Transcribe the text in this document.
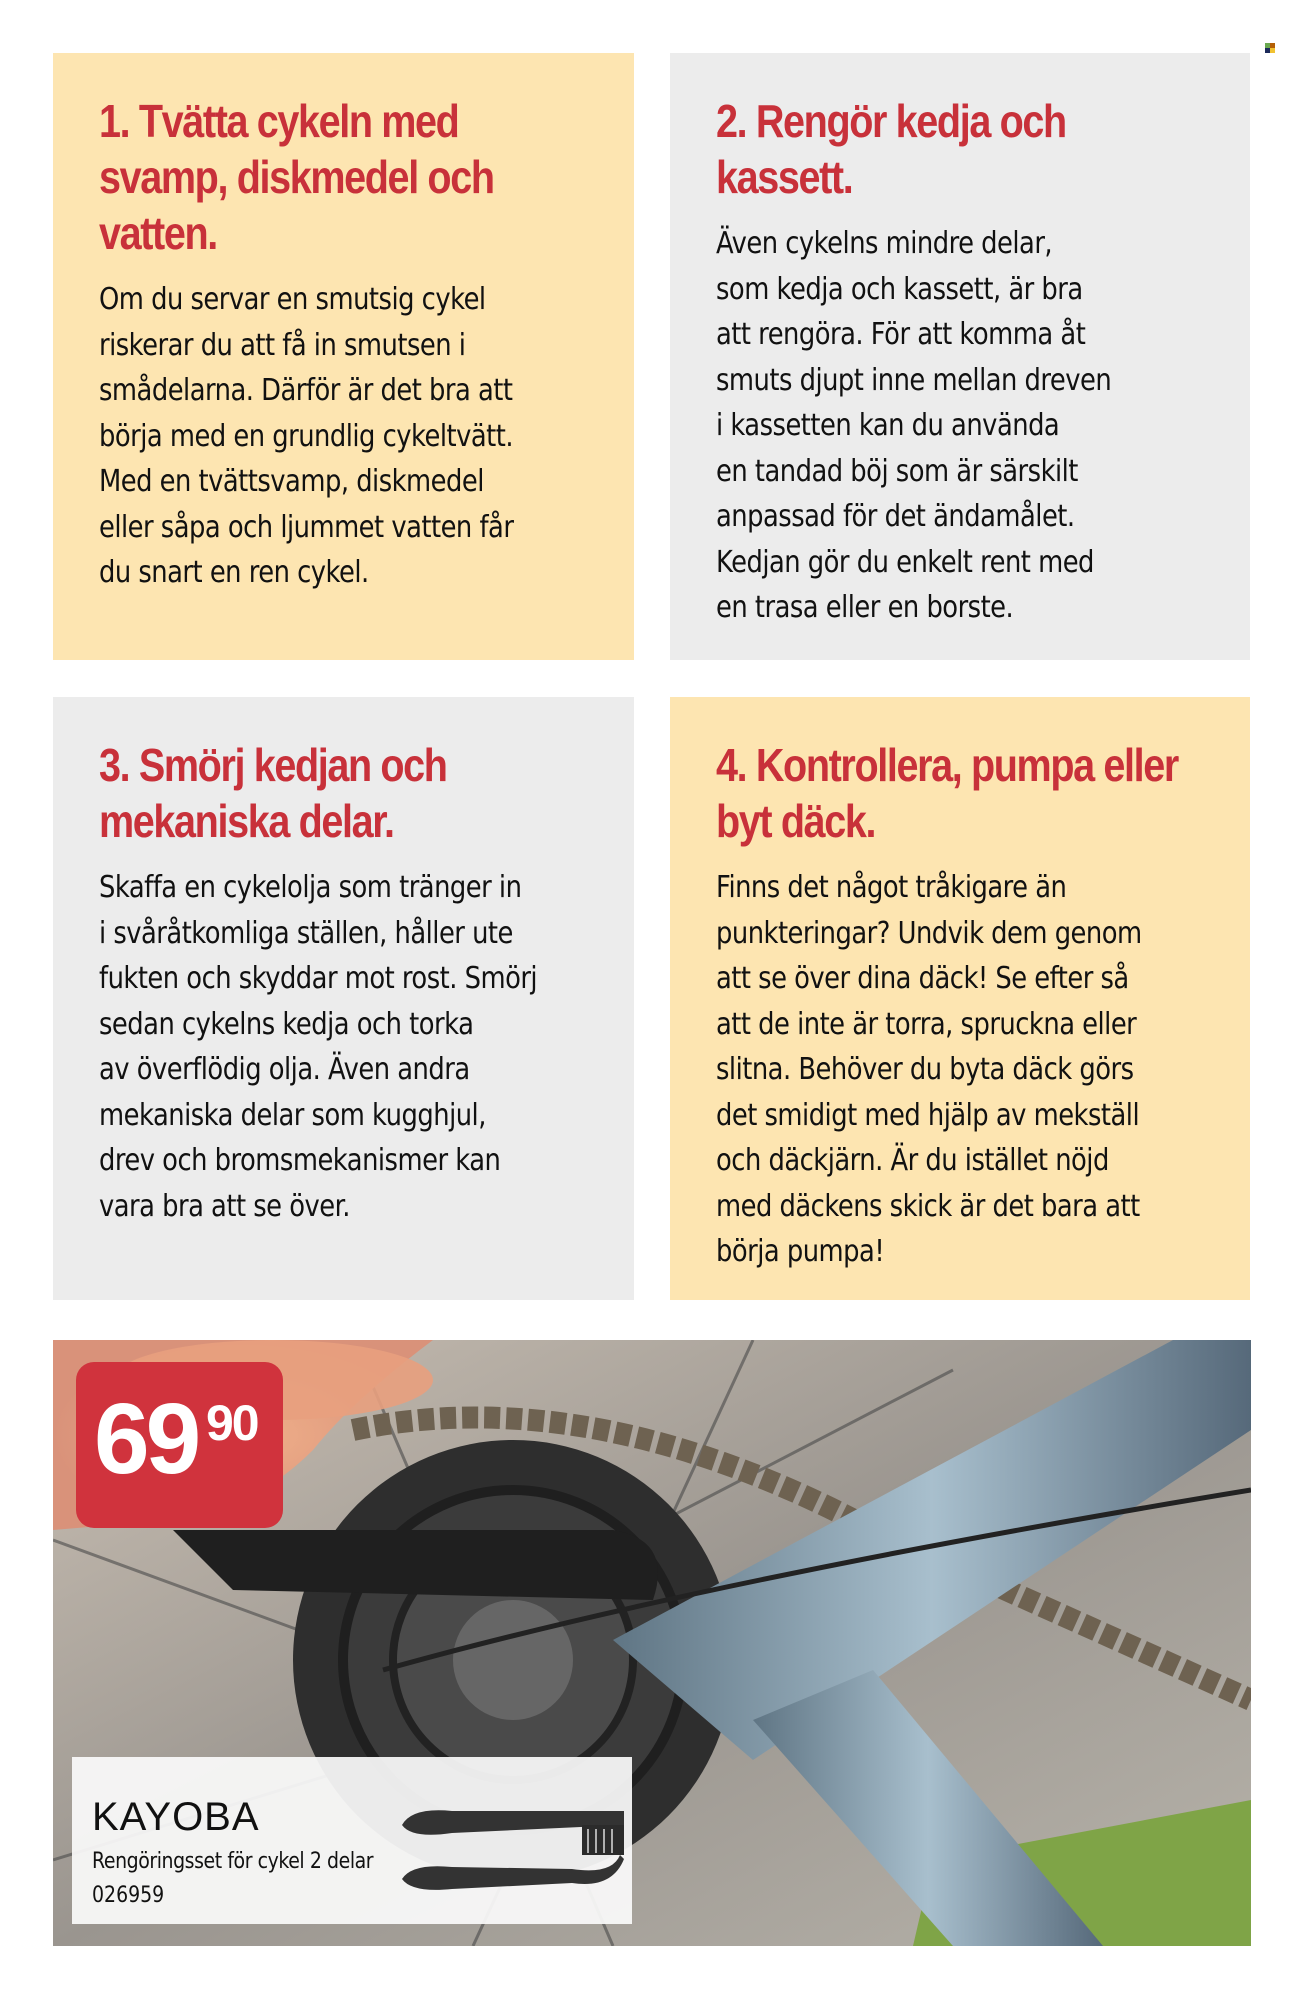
1. Tvätta cykeln med
svamp, diskmedel och
vatten.
Om du servar en smutsig cykel
riskerar du att få in smutsen i
smådelarna. Därför är det bra att
börja med en grundlig cykeltvätt.
Med en tvättsvamp, diskmedel
eller såpa och ljummet vatten får
du snart en ren cykel.
2. Rengör kedja och
kassett.
Även cykelns mindre delar,
som kedja och kassett, är bra
att rengöra. För att komma åt
smuts djupt inne mellan dreven
i kassetten kan du använda
en tandad böj som är särskilt
anpassad för det ändamålet.
Kedjan gör du enkelt rent med
en trasa eller en borste.
3. Smörj kedjan och
mekaniska delar.
Skaffa en cykelolja som tränger in
i svåråtkomliga ställen, håller ute
fukten och skyddar mot rost. Smörj
sedan cykelns kedja och torka
av överflödig olja. Även andra
mekaniska delar som kugghjul,
drev och bromsmekanismer kan
vara bra att se över.
4. Kontrollera, pumpa eller
byt däck.
Finns det något tråkigare än
punkteringar? Undvik dem genom
att se över dina däck! Se efter så
att de inte är torra, spruckna eller
slitna. Behöver du byta däck görs
det smidigt med hjälp av mekställ
och däckjärn. Är du istället nöjd
med däckens skick är det bara att
börja pumpa!
69 90
KAYOBA
Rengöringsset för cykel 2 delar
026959
